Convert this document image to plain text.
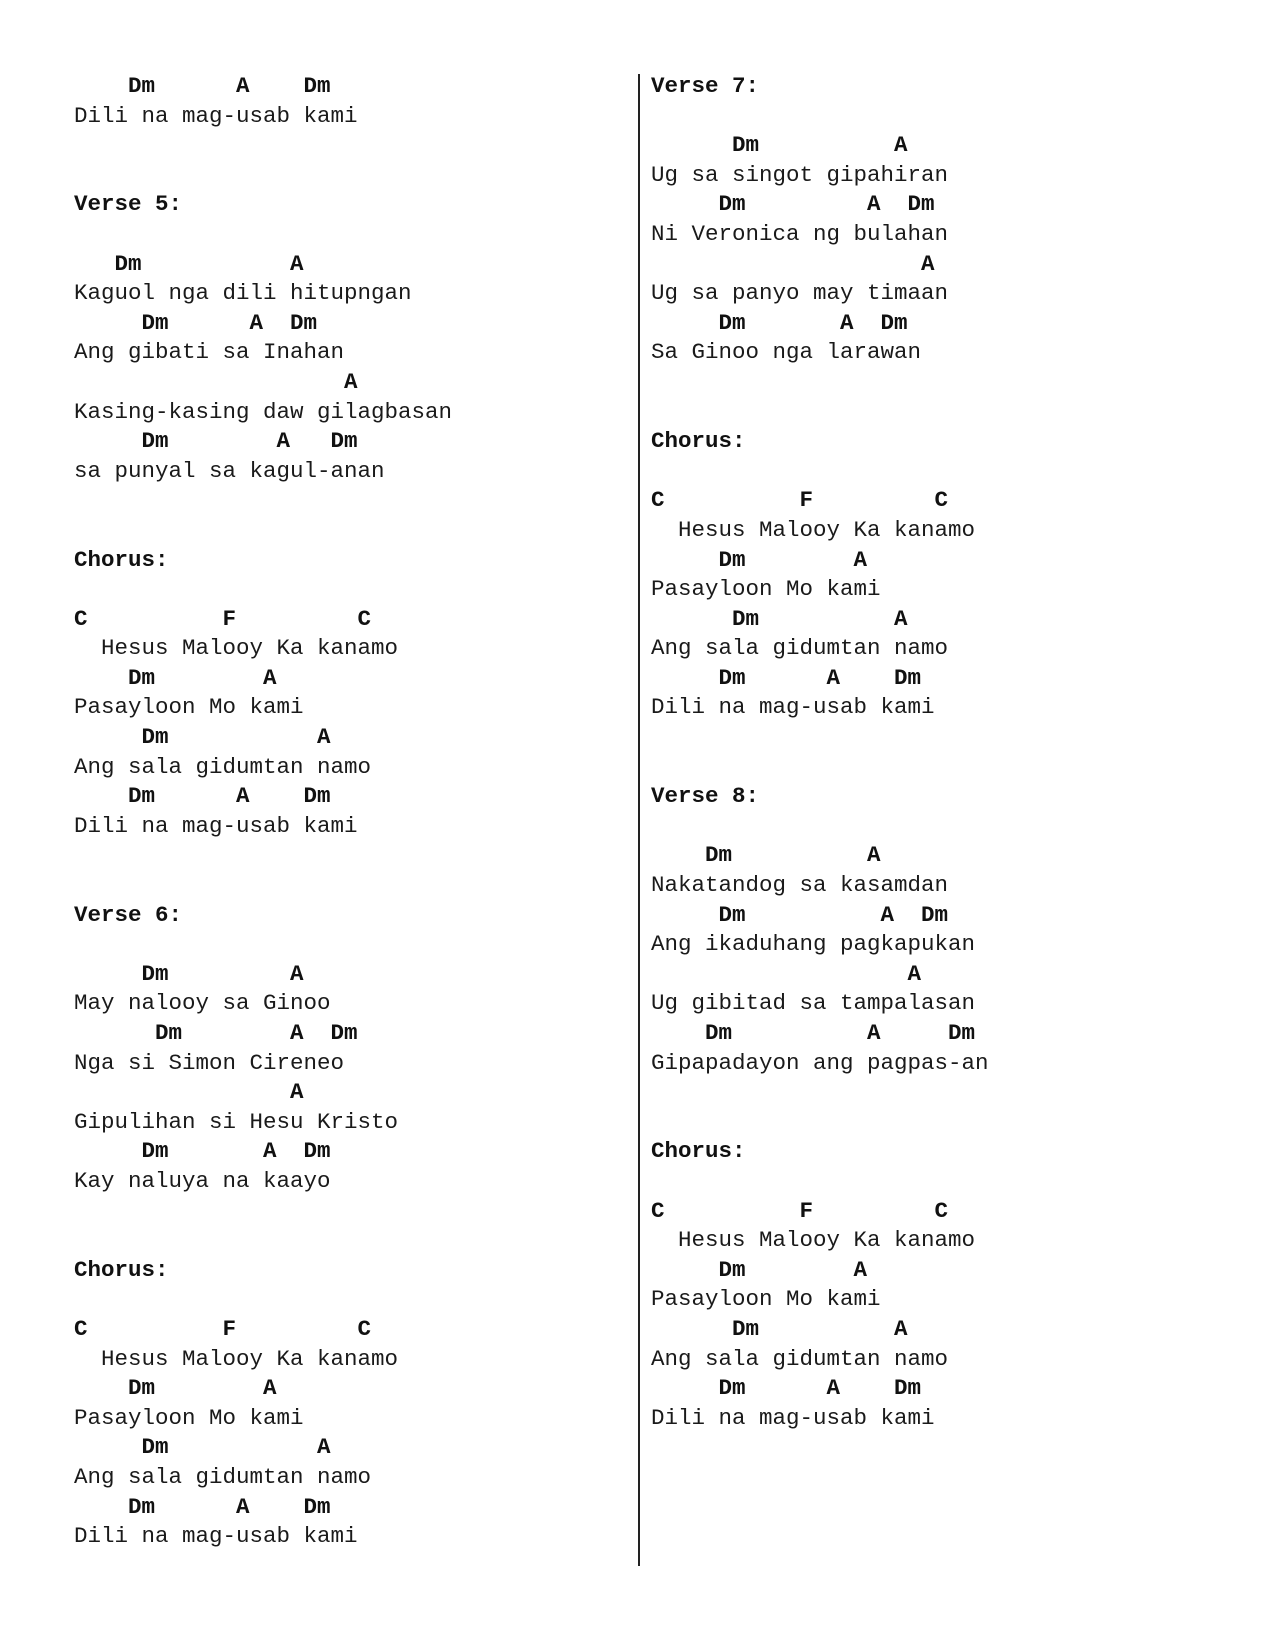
Dm      A    Dm
Dili na mag-usab kami
Verse 5:
Dm           A
Kaguol nga dili hitupngan
Dm      A  Dm
Ang gibati sa Inahan
A
Kasing-kasing daw gilagbasan
Dm        A   Dm
sa punyal sa kagul-anan
Chorus:
C          F         C
Hesus Malooy Ka kanamo
Dm        A
Pasayloon Mo kami
Dm           A
Ang sala gidumtan namo
Dm      A    Dm
Dili na mag-usab kami
Verse 6:
Dm         A
May nalooy sa Ginoo
Dm        A  Dm
Nga si Simon Cireneo
A
Gipulihan si Hesu Kristo
Dm       A  Dm
Kay naluya na kaayo
Chorus:
C          F         C
Hesus Malooy Ka kanamo
Dm        A
Pasayloon Mo kami
Dm           A
Ang sala gidumtan namo
Dm      A    Dm
Dili na mag-usab kami
Verse 7:
Dm          A
Ug sa singot gipahiran
Dm         A  Dm
Ni Veronica ng bulahan
A
Ug sa panyo may timaan
Dm       A  Dm
Sa Ginoo nga larawan
Chorus:
C          F         C
Hesus Malooy Ka kanamo
Dm        A
Pasayloon Mo kami
Dm          A
Ang sala gidumtan namo
Dm      A    Dm
Dili na mag-usab kami
Verse 8:
Dm          A
Nakatandog sa kasamdan
Dm          A  Dm
Ang ikaduhang pagkapukan
A
Ug gibitad sa tampalasan
Dm          A     Dm
Gipapadayon ang pagpas-an
Chorus:
C          F         C
Hesus Malooy Ka kanamo
Dm        A
Pasayloon Mo kami
Dm          A
Ang sala gidumtan namo
Dm      A    Dm
Dili na mag-usab kami
